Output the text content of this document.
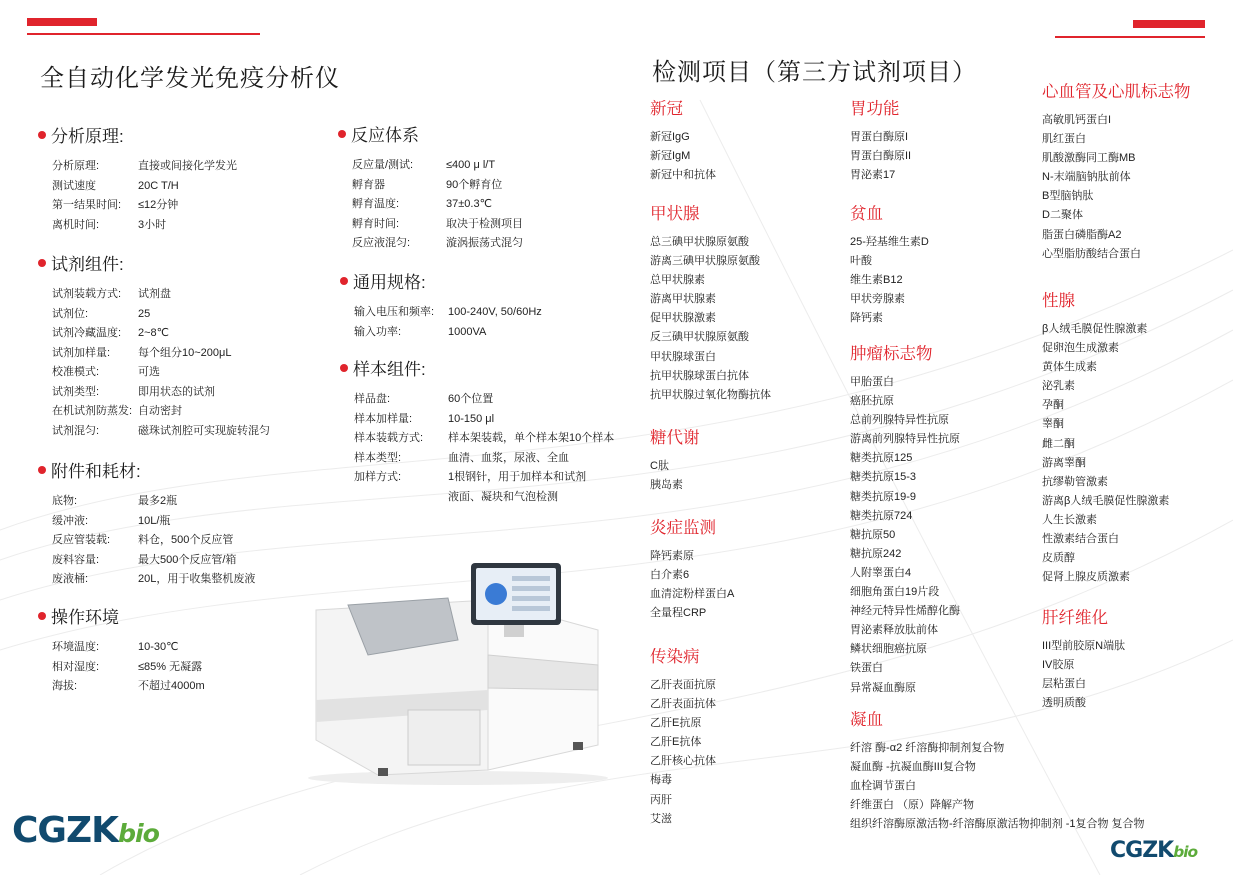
全自动化学发光免疫分析仪	检测项目（第三方试剂项目）
分析原理:
分析原理:	直接或间接化学发光
测试速度	20C T/H
第一结果时间:	≤12分钟
离机时间:	3小时
试剂组件:
试剂装载方式:	试剂盘
试剂位:	25
试剂冷藏温度:	2~8℃
试剂加样量:	每个组分10~200μL
校准模式:	可选
试剂类型:	即用状态的试剂
在机试剂防蒸发: 自动密封
试剂混匀:	磁珠试剂腔可实现旋转混匀
附件和耗材:
底物:	最多2瓶
缓冲液:	10L/瓶
反应管装载:	料仓，500个反应管
废料容量:	最大500个反应管/箱
废液桶:	20L，用于收集整机废液
操作环境
环境温度:	10-30℃
相对湿度:	≤85% 无凝露
海拔:	不超过4000m
反应体系
反应量/测试:	≤400 μ l/T
孵育器	90个孵育位
孵育温度:	37±0.3℃
孵育时间:	取决于检测项目
反应液混匀:	漩涡振荡式混匀
通用规格:
输入电压和频率:	100-240V, 50/60Hz
输入功率:	1000VA
样本组件:
样品盘:	60个位置
样本加样量:	10-150 μl
样本装载方式:	样本架装载，单个样本架10个样本
样本类型:	血清、血浆，尿液、全血
加样方式:	1根钢针，用于加样本和试剂
液面、凝块和气泡检测
新冠
新冠IgG
新冠IgM
新冠中和抗体
甲状腺
总三碘甲状腺原氨酸
游离三碘甲状腺原氨酸
总甲状腺素
游离甲状腺素
促甲状腺激素
反三碘甲状腺原氨酸
甲状腺球蛋白
抗甲状腺球蛋白抗体
抗甲状腺过氧化物酶抗体
糖代谢
C肽
胰岛素
炎症监测
降钙素原
白介素6
血清淀粉样蛋白A
全量程CRP
传染病
乙肝表面抗原
乙肝表面抗体
乙肝E抗原
乙肝E抗体
乙肝核心抗体
梅毒
丙肝
艾滋
胃功能
胃蛋白酶原I
胃蛋白酶原II
胃泌素17
贫血
25-羟基维生素D
叶酸
维生素B12
甲状旁腺素
降钙素
肿瘤标志物
甲胎蛋白
癌胚抗原
总前列腺特异性抗原
游离前列腺特异性抗原
糖类抗原125
糖类抗原15-3
糖类抗原19-9
糖类抗原724
糖抗原50
糖抗原242
人附睾蛋白4
细胞角蛋白19片段
神经元特异性烯醇化酶
胃泌素释放肽前体
鳞状细胞癌抗原
铁蛋白
异常凝血酶原
凝血
纤溶 酶-α2 纤溶酶抑制剂复合物
凝血酶 -抗凝血酶III复合物
血栓调节蛋白
纤维蛋白 （原）降解产物
组织纤溶酶原激活物-纤溶酶原激活物抑制剂 -1复合物 复合物
心血管及心肌标志物
高敏肌钙蛋白I
肌红蛋白
肌酸激酶同工酶MB
N-末端脑钠肽前体
B型脑钠肽
D二聚体
脂蛋白磷脂酶A2
心型脂肪酸结合蛋白
性腺
β人绒毛膜促性腺激素
促卵泡生成激素
黄体生成素
泌乳素
孕酮
睾酮
雌二酮
游离睾酮
抗缪勒管激素
游离β人绒毛膜促性腺激素
人生长激素
性激素结合蛋白
皮质醇
促肾上腺皮质激素
肝纤维化
III型前胶原N端肽
IV胶原
层粘蛋白
透明质酸
CGZKbio
CGZKbio
